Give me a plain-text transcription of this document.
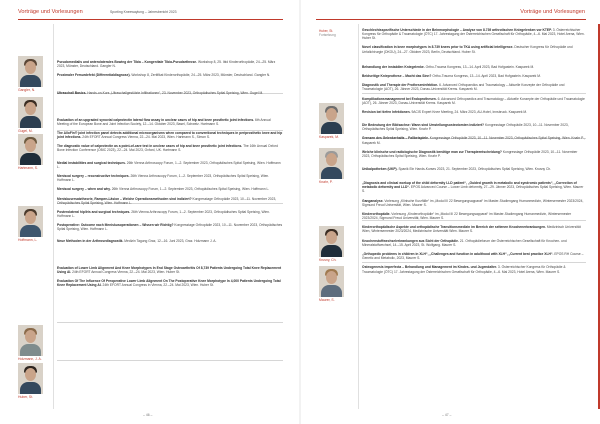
Vorträge und Vorlesungen	Sporting Kneewaylung – Jahresbericht 2023
Gangler, N.
Gugel, M.
Hartmann, S.
Hoffmann, L.
Holzmann, J. A.
Huber, St.
Pseudomedialis und anterolaterales Bowing der Tibia – Kongenitale Tibia-Pseudarthrose. Workshop 8, 25. Ibid Kinderorthopädie, 24.–25. März 2023, Münster, Deutschland. Gangler N.
Proximaler Femurdefekt (Differentialdiagnose). Workshop 8, Zertifikat Kinderorthopädie, 24.–25. März 2023, Münster, Deutschland. Gangler N.
Ultraschall Basics. Hands-on-Kurs „Ultraschallgestützte Infiltrationen“, 23. November 2023, Orthopädisches Spital Speising, Wien. Gugel M.
Evaluation of an upgraded synovial calprotectin lateral flow assay in unclear cases of hip and knee prosthetic joint infections. 6th Annual Meeting of the European Bone and Joint Infection Society, 12.–14. Oktober 2023, Basel, Schweiz. Hartmann S.
The AlloFin® joint infection panel detects additional microorganisms when compared to conventional techniques in periprosthetic knee and hip joint infections. 24th EFORT Annual Congress Vienna, 22.–24. Mai 2023, Wien. Hartmann S., Simon S.
The diagnostic value of calprotectin as a point-of-care test in unclear cases of hip and knee prosthetic joint infections. The 16th Annual Oxford Bone Infection Conference (OBIC 2023), 22.–24. Mai 2023, Oxford, UK. Hartmann S.
Medial instabilities and surgical techniques. 26th Vienna Arthroscopy Forum, 1.–2. September 2023, Orthopädisches Spital Speising, Wien. Hoffmann L.
Meniscal surgery – reconstructive techniques. 26th Vienna Arthroscopy Forum, 1.–2. September 2023, Orthopädisches Spital Speising, Wien. Hoffmann L.
Meniscal surgery – when and why. 26th Vienna Arthroscopy Forum, 1.–2. September 2023, Orthopädisches Spital Speising, Wien. Hoffmann L.
Meniskusersatztheorie, Rampen-Läsion – Welche Operationsmethoden sind indiziert? Kongresstage Orthopädie 2023, 10.–11. November 2023, Orthopädisches Spital Speising, Wien. Hoffmann L.
Posterolateral hip/Iris and surgical techniques. 26th Vienna Arthroscopy Forum, 1.–2. September 2023, Orthopädisches Spital Speising, Wien. Hoffmann L.
Postoperative: Outcome nach Meniskusoperationen – Wissen wir Richtig? Kongresstage Orthopädie 2023, 10.–11. November 2023, Orthopädisches Spital Speising, Wien. Hoffmann L.
Neue Methoden in der Arthrosediagnostik. Medizin Tagung Graz, 12.–16. Juni 2023, Graz. Holzmann J. A.
Evaluation of Lower Limb Alignment And Knee Morphotypes In End Stage Osteoarthritis Of 8,739 Patients Undergoing Total Knee Replacement Using AI. 24th EFORT Annual Congress Vienna, 22.–24. Mai 2023, Wien. Huber St.
Evaluation Of The Influence Of Preoperative Lower Limb Alignment On The Postoperative Knee Morphotype In 4,000 Patients Undergoing Total Knee Replacement Using AI. 24th EFORT Annual Congress in Vienna, 22.–24. Mai 2023, Wien. Huber St.
– 46 –
Vorträge und Vorlesungen
Huber, St.
Fortsetzung
Kasparek, M.
Knahr, P.
Krusny, Ch.
Maurer, S.
Geschlechtsspezifische Unterschiede in der Beinmorphologie – Analyse von 8.739 arthrotischen Kniegelenken vor KTEP. 3. Österreichischer Kongress für Orthopädie & Traumatologie (ÖTC) 17. Jahrestagung der Österreichischen Gesellschaft für Orthopädie, 4.–6. Mai 2023, Hotel Arena, Wien. Huber St.
Novel classification in knee morphotypes in 8.739 knees prior to TKA using artificial intelligence. Deutscher Kongress für Orthopädie und Unfallchirurgie (DKOU), 24.–27. Oktober 2023, Berlin, Deutschland. Huber St.
Behandlung der instabilen Kniegelenke. Ortho-Trauma Kongress, 13.–14. April 2023, Bad Hofgastein. Kasparek M.
Beidseitige Knieprothese – Macht das Sinn? Ortho-Trauma Kongress, 13.–14. April 2023, Bad Hofgastein. Kasparek M.
Diagnostik und Therapie der Protheseninfektion. 6. Advanced Orthopaedics and Traumatology – Aktuelle Konzepte der Orthopädie und Traumatologie (AOT), 26. Jänner 2023, Donau-Universität Krems. Kasparek M.
Komplikationsmanagement bei Endoprothesen. 6. Advanced Orthopaedics and Traumatology – Aktuelle Konzepte der Orthopädie und Traumatologie (AOT), 26. Jänner 2023, Donau-Universität Krems. Kasparek M.
Revision bei tiefen Infektionen. 9ACIS Expert Knee Meeting, 24. März 2023, AU-Hotel, Innsbruck. Kasparek M.
Die Bedeutung der Bildsachse: Wann sind Umstellungsosteotomien indiziert? Kongresstage Orthopädie 2023, 10.–11. November 2023, Orthopädisches Spital Speising, Wien. Knahr P.
Grenzen des Gelenkerhalts – Fallbeispiele. Kongresstage Orthopädie 2023, 10.–11. November 2023, Orthopädisches Spital Speising, Wien. Knahr P., Kasparek M.
Welche klinische und radiologische Diagnostik benötige man zur Therapieentscheidung? Kongresstage Orthopädie 2023, 10.–11. November 2023, Orthopädisches Spital Speising, Wien. Knahr P.
Unikalpotheken (UKP). Spanik Ein Hands-Kurses 2023, 21. September 2023, Orthopädisches Spital Speising, Wien. Krusny Ch.
„Diagnosis and clinical workup of the child deformity LLD patient“, „Guided growth in metabolic and syndromic patients“, „Correction of metabolic deformity and LLD“. EPOS Advanced Course – Lower Limb deformity, 27.–29. Jänner 2023, Orthopädisches Spital Speising, Wien. Maurer S.
Ganganalyse. Vorlesung „Klinische Kurzfälle“ im „Modul III 22 Bewegungsapparat“ im Master-Studiengang Humanmedizin, Wintersemester 2023/2024, Sigmund Freud Universität, Wien. Maurer S.
Kinderorthopädie. Vorlesung „Kinderorthopädie“ im „Modul III 22 Bewegungsapparat“ im Master-Studiengang Humanmedizin, Wintersemester 2023/2024, Sigmund Freud Universität, Wien. Maurer S.
Kinderorthopädische Aspekte und orthopädische Transitionsmedizin im Bereich der seltenen Knochenerkrankungen. Medizinisch Universität Wien, Wintersemester 2023/2024, Medizinische Universität Wien. Maurer S.
Knochenstoffwechselerkrankungen aus Sicht der Orthopädie. 21. Orthopädieforum der Österreichischen Gesellschaft für Knochen- und Mineralstoffwechsel, 14.–15. April 2023, St. Wolfgang. Maurer S.
„Orthopedic problems in children in XLH“, „Challenges and function in adulthood with XLH“, „Current best practice XLH“. EPOS RH Course – Genetic and Metabolic, 2023, Maurer S.
Osteogenesis imperfecta – Behandlung und Management im Kindes- und Jugendalter. 3. Österreichischer Kongress für Orthopädie & Traumatologie (ÖTC) 17. Jahrestagung der Österreichischen Gesellschaft für Orthopädie, 4.–6. Mai 2023, Hotel Arena, Wien. Maurer S.
– 47 –
